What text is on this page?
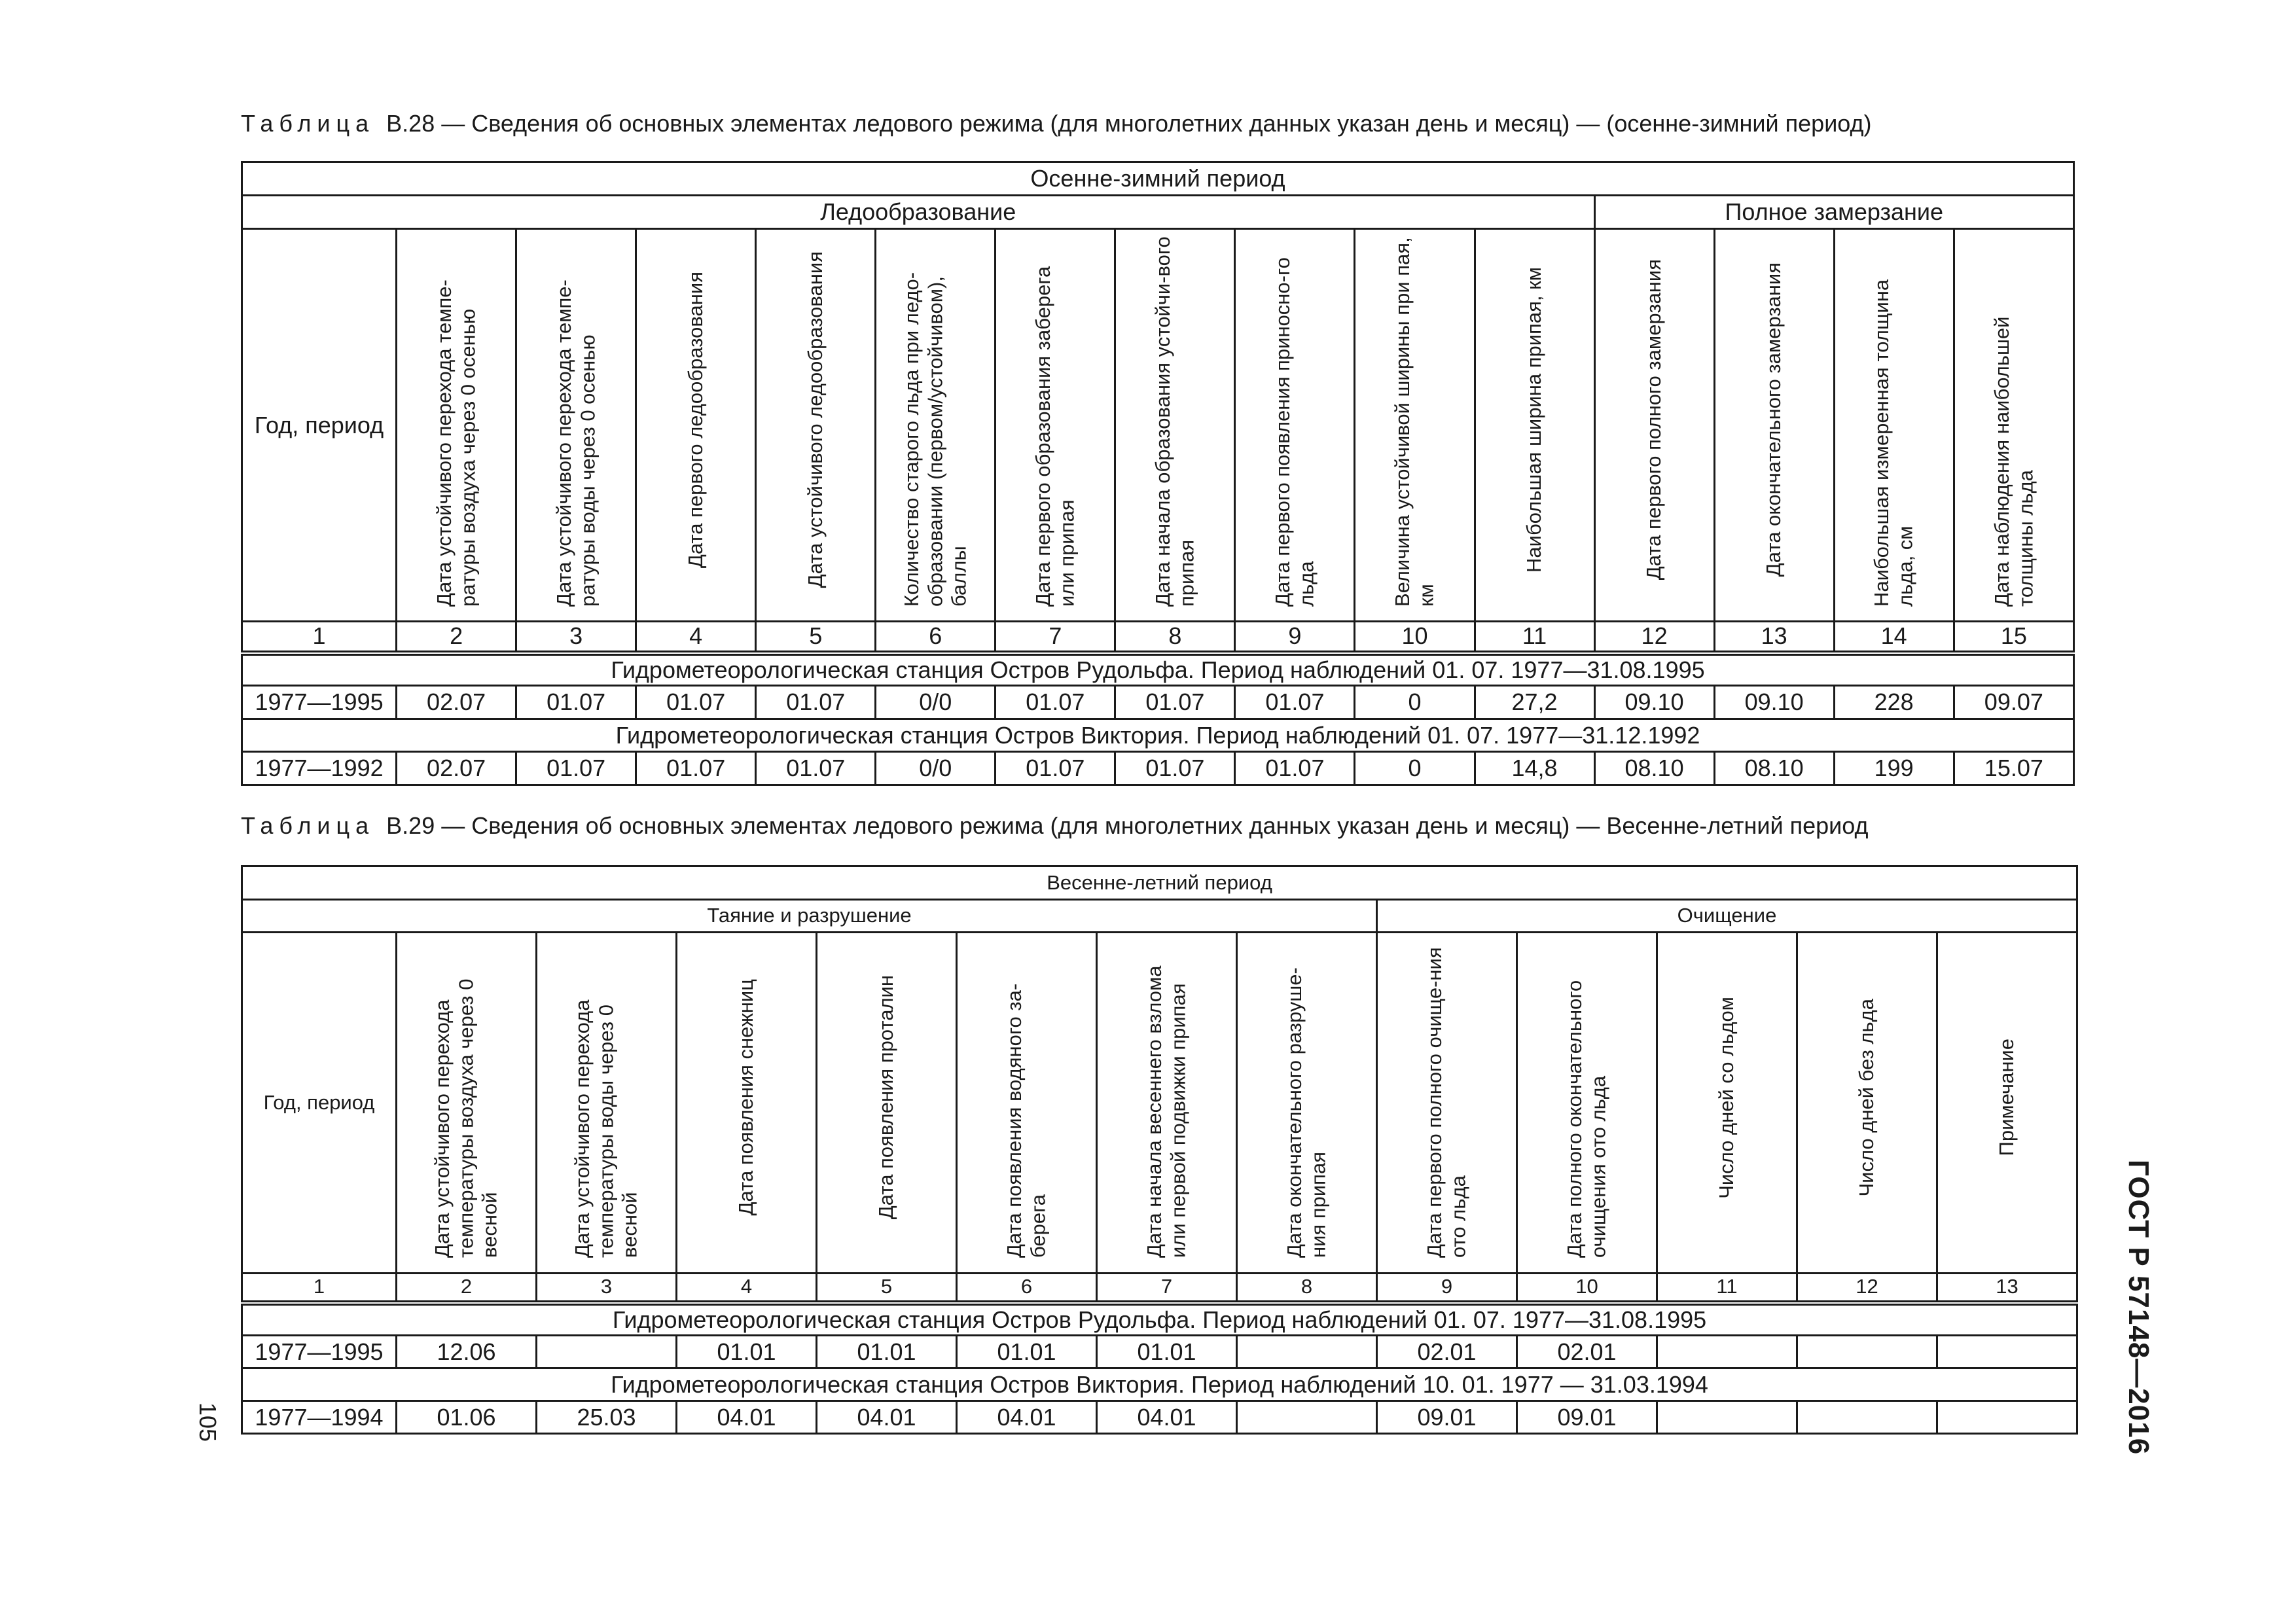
Таблица В.28 — Сведения об основных элементах ледового режима (для многолетних данных указан день и месяц) — (осенне-зимний период)
Осенне-зимний период														
Ледообразование											Полное замерзание			
Год, период	Дата устойчивого перехода темпе-ратуры воздуха через 0 осенью	Дата устойчивого перехода темпе-ратуры воды через 0 осенью	Дата первого ледообразования	Дата устойчивого ледообразования	Количество старого льда при ледо-образовании (первом/устойчивом), баллы	Дата первого образования заберега или припая	Дата начала образования устойчи-вого припая	Дата первого появления приносно-го льда	Величина устойчивой ширины при пая, км	Наибольшая ширина припая, км	Дата первого полного замерзания	Дата окончательного замерзания	Наибольшая измеренная толщина льда, см	Дата наблюдения наибольшей толщины льда

1	2	3	4	5	6	7	8	9	10	11	12	13	14	15
Гидрометеорологическая станция Остров Рудольфа. Период наблюдений 01. 07. 1977—31.08.1995														
1977—1995	02.07	01.07	01.07	01.07	0/0	01.07	01.07	01.07	0	27,2	09.10	09.10	228	09.07
Гидрометеорологическая станция Остров Виктория. Период наблюдений 01. 07. 1977—31.12.1992														
1977—1992	02.07	01.07	01.07	01.07	0/0	01.07	01.07	01.07	0	14,8	08.10	08.10	199	15.07
Таблица В.29 — Сведения об основных элементах ледового режима (для многолетних данных указан день и месяц) — Весенне-летний период
Весенне-летний период												
Таяние и разрушение								Очищение				
Год, период	Дата устойчивого перехода температуры воздуха через 0 весной	Дата устойчивого перехода температуры воды через 0 весной	Дата появления снежниц	Дата появления проталин	Дата появления водяного за-берега	Дата начала весеннего взлома или первой подвижки припая	Дата окончательного разруше-ния припая	Дата первого полного очище-ния ото льда	Дата полного окончательного очищения ото льда	Число дней со льдом	Число дней без льда	Примечание

1	2	3	4	5	6	7	8	9	10	11	12	13
Гидрометеорологическая станция Остров Рудольфа. Период наблюдений 01. 07. 1977—31.08.1995												
1977—1995	12.06		01.01	01.01	01.01	01.01		02.01	02.01			
Гидрометеорологическая станция Остров Виктория. Период наблюдений 10. 01. 1977 — 31.03.1994												
1977—1994	01.06	25.03	04.01	04.01	04.01	04.01		09.01	09.01			
105	ГОСТ Р 57148—2016
